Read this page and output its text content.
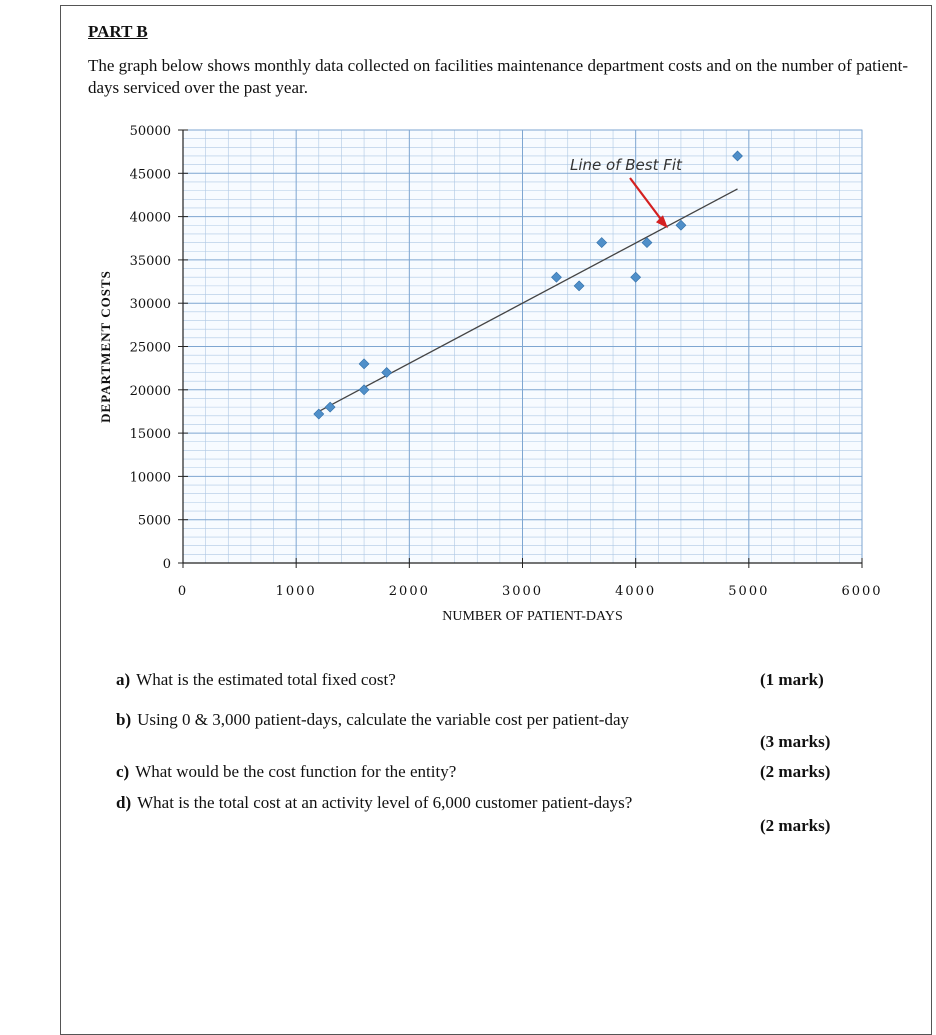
PART B
The graph below shows monthly data collected on facilities maintenance department costs and on the number of patient-days serviced over the past year.
0
5000
10000
15000
20000
25000
30000
35000
40000
45000
50000
0	1000	2000	3000	4000	5000	6000
NUMBER OF PATIENT-DAYS
DEPARTMENT COSTS
Line of Best Fit
a) What is the estimated total fixed cost?	(1 mark)
b) Using 0 & 3,000 patient-days, calculate the variable cost per patient-day
(3 marks)
c) What would be the cost function for the entity?	(2 marks)
d) What is the total cost at an activity level of 6,000 customer patient-days?
(2 marks)
